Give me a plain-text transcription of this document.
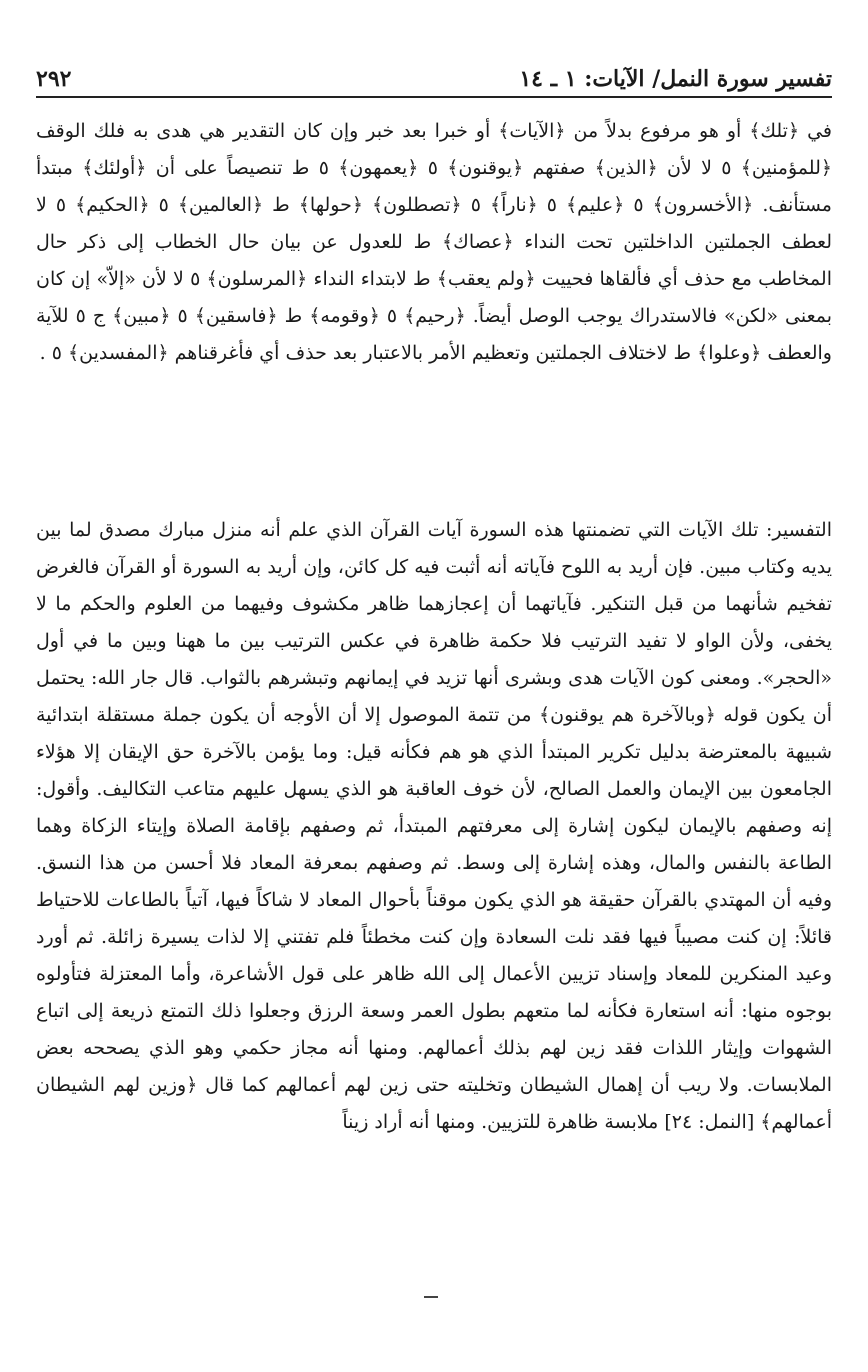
٢٩٢	تفسير سورة النمل/ الآيات: ١ ـ ١٤
في ﴿تلك﴾ أو هو مرفوع بدلاً من ﴿الآيات﴾ أو خبرا بعد خبر وإن كان التقدير هي هدى به فلك الوقف ﴿للمؤمنين﴾ ٥ لا لأن ﴿الذين﴾ صفتهم ﴿يوقنون﴾ ٥ ﴿يعمهون﴾ ٥ ط تنصيصاً على أن ﴿أولئك﴾ مبتدأ مستأنف. ﴿الأخسرون﴾ ٥ ﴿عليم﴾ ٥ ﴿ناراً﴾ ٥ ﴿تصطلون﴾ ﴿حولها﴾ ط ﴿العالمين﴾ ٥ ﴿الحكيم﴾ ٥ لا لعطف الجملتين الداخلتين تحت النداء ﴿عصاك﴾ ط للعدول عن بيان حال الخطاب إلى ذكر حال المخاطب مع حذف أي فألقاها فحييت ﴿ولم يعقب﴾ ط لابتداء النداء ﴿المرسلون﴾ ٥ لا لأن «إلاّ» إن كان بمعنى «لكن» فالاستدراك يوجب الوصل أيضاً. ﴿رحيم﴾ ٥ ﴿وقومه﴾ ط ﴿فاسقين﴾ ٥ ﴿مبين﴾ ج ٥ للآية والعطف ﴿وعلوا﴾ ط لاختلاف الجملتين وتعظيم الأمر بالاعتبار بعد حذف أي فأغرقناهم ﴿المفسدين﴾ ٥ .
التفسير: تلك الآيات التي تضمنتها هذه السورة آيات القرآن الذي علم أنه منزل مبارك مصدق لما بين يديه وكتاب مبين. فإن أريد به اللوح فآياته أنه أثبت فيه كل كائن، وإن أريد به السورة أو القرآن فالغرض تفخيم شأنهما من قبل التنكير. فآياتهما أن إعجازهما ظاهر مكشوف وفيهما من العلوم والحكم ما لا يخفى، ولأن الواو لا تفيد الترتيب فلا حكمة ظاهرة في عكس الترتيب بين ما ههنا وبين ما في أول «الحجر». ومعنى كون الآيات هدى وبشرى أنها تزيد في إيمانهم وتبشرهم بالثواب. قال جار الله: يحتمل أن يكون قوله ﴿وبالآخرة هم يوقنون﴾ من تتمة الموصول إلا أن الأوجه أن يكون جملة مستقلة ابتدائية شبيهة بالمعترضة بدليل تكرير المبتدأ الذي هو هم فكأنه قيل: وما يؤمن بالآخرة حق الإيقان إلا هؤلاء الجامعون بين الإيمان والعمل الصالح، لأن خوف العاقبة هو الذي يسهل عليهم متاعب التكاليف. وأقول: إنه وصفهم بالإيمان ليكون إشارة إلى معرفتهم المبتدأ، ثم وصفهم بإقامة الصلاة وإيتاء الزكاة وهما الطاعة بالنفس والمال، وهذه إشارة إلى وسط. ثم وصفهم بمعرفة المعاد فلا أحسن من هذا النسق. وفيه أن المهتدي بالقرآن حقيقة هو الذي يكون موقناً بأحوال المعاد لا شاكاً فيها، آتياً بالطاعات للاحتياط قائلاً: إن كنت مصيباً فيها فقد نلت السعادة وإن كنت مخطئاً فلم تفتني إلا لذات يسيرة زائلة. ثم أورد وعيد المنكرين للمعاد وإسناد تزيين الأعمال إلى الله ظاهر على قول الأشاعرة، وأما المعتزلة فتأولوه بوجوه منها: أنه استعارة فكأنه لما متعهم بطول العمر وسعة الرزق وجعلوا ذلك التمتع ذريعة إلى اتباع الشهوات وإيثار اللذات فقد زين لهم بذلك أعمالهم. ومنها أنه مجاز حكمي وهو الذي يصححه بعض الملابسات. ولا ريب أن إهمال الشيطان وتخليته حتى زين لهم أعمالهم كما قال ﴿وزين لهم الشيطان أعمالهم﴾ [النمل: ٢٤] ملابسة ظاهرة للتزيين. ومنها أنه أراد زيناً
